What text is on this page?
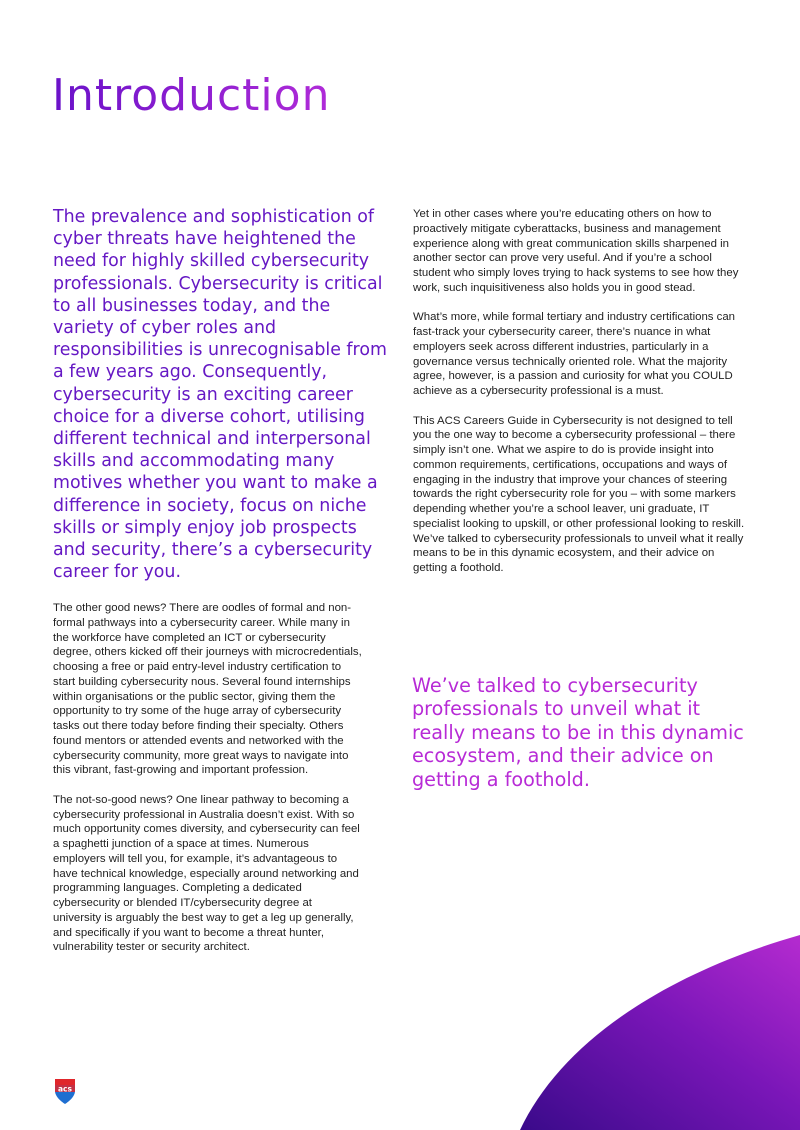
Introduction

The prevalence and sophistication of cyber threats have heightened the need for highly skilled cybersecurity professionals. Cybersecurity is critical to all businesses today, and the variety of cyber roles and responsibilities is unrecognisable from a few years ago. Consequently, cybersecurity is an exciting career choice for a diverse cohort, utilising different technical and interpersonal skills and accommodating many motives whether you want to make a difference in society, focus on niche skills or simply enjoy job prospects and security, there’s a cybersecurity career for you.

The other good news? There are oodles of formal and non-formal pathways into a cybersecurity career. While many in the workforce have completed an ICT or cybersecurity degree, others kicked off their journeys with microcredentials, choosing a free or paid entry-level industry certification to start building cybersecurity nous. Several found internships within organisations or the public sector, giving them the opportunity to try some of the huge array of cybersecurity tasks out there today before finding their specialty. Others found mentors or attended events and networked with the cybersecurity community, more great ways to navigate into this vibrant, fast-growing and important profession.

The not-so-good news? One linear pathway to becoming a cybersecurity professional in Australia doesn’t exist. With so much opportunity comes diversity, and cybersecurity can feel a spaghetti junction of a space at times. Numerous employers will tell you, for example, it’s advantageous to have technical knowledge, especially around networking and programming languages. Completing a dedicated cybersecurity or blended IT/cybersecurity degree at university is arguably the best way to get a leg up generally, and specifically if you want to become a threat hunter, vulnerability tester or security architect.

Yet in other cases where you’re educating others on how to proactively mitigate cyberattacks, business and management experience along with great communication skills sharpened in another sector can prove very useful. And if you’re a school student who simply loves trying to hack systems to see how they work, such inquisitiveness also holds you in good stead.

What’s more, while formal tertiary and industry certifications can fast-track your cybersecurity career, there’s nuance in what employers seek across different industries, particularly in a governance versus technically oriented role. What the majority agree, however, is a passion and curiosity for what you COULD achieve as a cybersecurity professional is a must.

This ACS Careers Guide in Cybersecurity is not designed to tell you the one way to become a cybersecurity professional – there simply isn’t one. What we aspire to do is provide insight into common requirements, certifications, occupations and ways of engaging in the industry that improve your chances of steering towards the right cybersecurity role for you – with some markers depending whether you’re a school leaver, uni graduate, IT specialist looking to upskill, or other professional looking to reskill. We’ve talked to cybersecurity professionals to unveil what it really means to be in this dynamic ecosystem, and their advice on getting a foothold.

We’ve talked to cybersecurity professionals to unveil what it really means to be in this dynamic ecosystem, and their advice on getting a foothold.

acs
